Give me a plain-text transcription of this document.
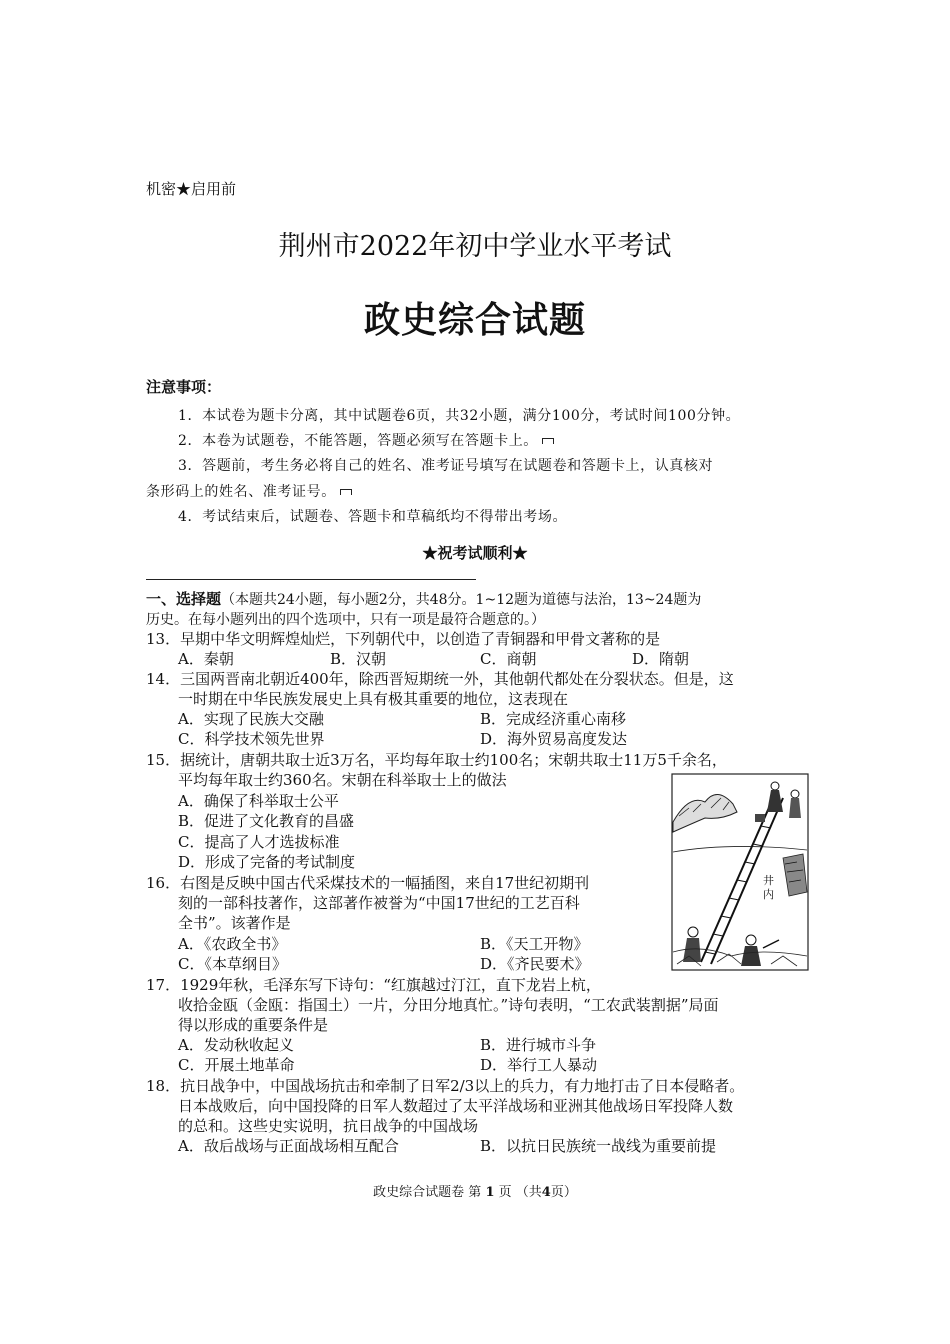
机密★启用前
荆州市2022年初中学业水平考试
政史综合试题
注意事项：
1．本试卷为题卡分离，其中试题卷6页，共32小题，满分100分，考试时间100分钟。
2．本卷为试题卷，不能答题，答题必须写在答题卡上。
3．答题前，考生务必将自己的姓名、准考证号填写在试题卷和答题卡上，认真核对
条形码上的姓名、准考证号。
4．考试结束后，试题卷、答题卡和草稿纸均不得带出考场。
★祝考试顺利★
一、选择题（本题共24小题，每小题2分，共48分。1~12题为道德与法治，13~24题为
历史。在每小题列出的四个选项中，只有一项是最符合题意的。）
13．早期中华文明辉煌灿烂，下列朝代中，以创造了青铜器和甲骨文著称的是
A．秦朝	B．汉朝	C．商朝	D．隋朝
14．三国两晋南北朝近400年，除西晋短期统一外，其他朝代都处在分裂状态。但是，这
一时期在中华民族发展史上具有极其重要的地位，这表现在
A．实现了民族大交融	B．完成经济重心南移
C．科学技术领先世界	D．海外贸易高度发达
15．据统计，唐朝共取士近3万名，平均每年取士约100名；宋朝共取士11万5千余名，
平均每年取士约360名。宋朝在科举取士上的做法
A．确保了科举取士公平
B．促进了文化教育的昌盛
C．提高了人才选拔标准
D．形成了完备的考试制度
16．右图是反映中国古代采煤技术的一幅插图，来自17世纪初期刊
刻的一部科技著作，这部著作被誉为“中国17世纪的工艺百科
全书”。该著作是
A．《农政全书》	B．《天工开物》
C．《本草纲目》	D．《齐民要术》
井
内
17．1929年秋，毛泽东写下诗句：“红旗越过汀江，直下龙岩上杭，
收拾金瓯（金瓯：指国土）一片，分田分地真忙。”诗句表明，“工农武装割据”局面
得以形成的重要条件是
A．发动秋收起义	B．进行城市斗争
C．开展土地革命	D．举行工人暴动
18．抗日战争中，中国战场抗击和牵制了日军2/3以上的兵力，有力地打击了日本侵略者。
日本战败后，向中国投降的日军人数超过了太平洋战场和亚洲其他战场日军投降人数
的总和。这些史实说明，抗日战争的中国战场
A．敌后战场与正面战场相互配合	B．以抗日民族统一战线为重要前提
政史综合试题卷 第 1 页 （共4页）
